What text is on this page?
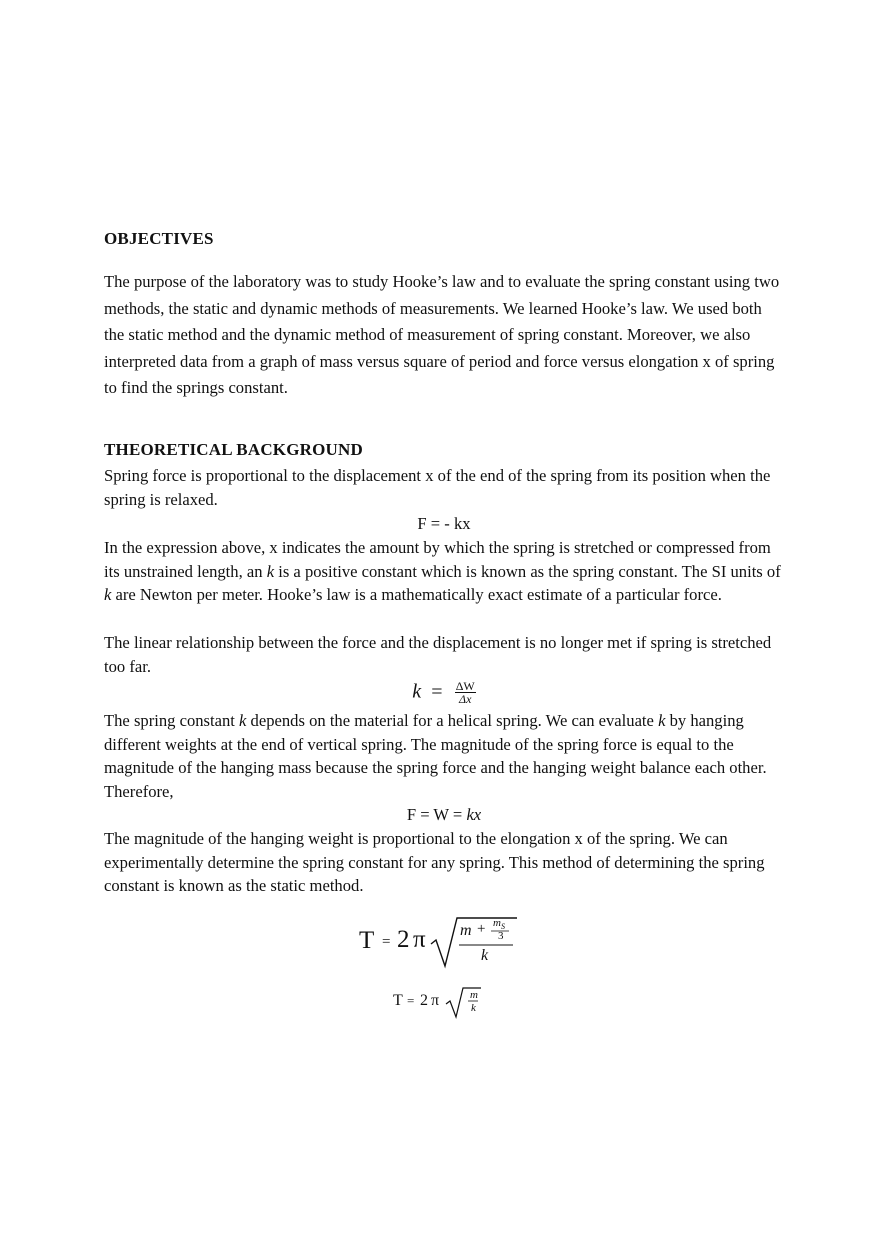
OBJECTIVES

The purpose of the laboratory was to study Hooke’s law and to evaluate the spring constant using two methods, the static and dynamic methods of measurements. We learned Hooke’s law. We used both the static method and the dynamic method of measurement of spring constant. Moreover, we also interpreted data from a graph of mass versus square of period and force versus elongation x of spring to find the springs constant.

THEORETICAL BACKGROUND

Spring force is proportional to the displacement x of the end of the spring from its position when the spring is relaxed.

F = - kx

In the expression above, x indicates the amount by which the spring is stretched or compressed from its unstrained length, an k is a positive constant which is known as the spring constant. The SI units of k are Newton per meter. Hooke’s law is a mathematically exact estimate of a particular force.

The linear relationship between the force and the displacement is no longer met if spring is stretched too far.

$k = \frac{\Delta W}{\Delta x}$

The spring constant k depends on the material for a helical spring. We can evaluate k by hanging different weights at the end of vertical spring. The magnitude of the spring force is equal to the magnitude of the hanging mass because the spring force and the hanging weight balance each other. Therefore,

F = W = kx

The magnitude of the hanging weight is proportional to the elongation x of the spring. We can experimentally determine the spring constant for any spring. This method of determining the spring constant is known as the static method.

T = 2 π $m + m_S$
3
k
T = 2 π	m
k
